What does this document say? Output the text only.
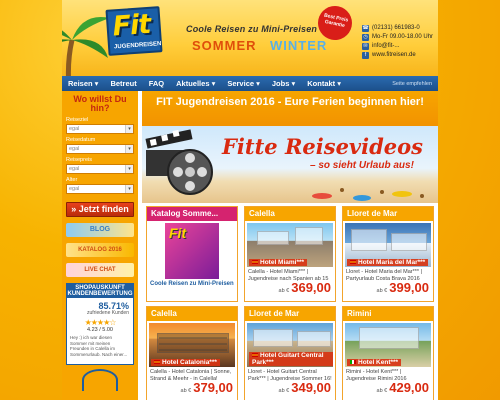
Fit
JUGENDREISEN
Coole Reisen zu Mini-Preisen
SOMMER WINTER
Best Preis Garantie	☎ (02131) 661983-0
◷ Mo-Fr 09.00-18.00 Uhr
✉ info@fit-...
f www.fitreisen.de
Reisen ▾ Betreut FAQ Aktuelles ▾ Service ▾ Jobs ▾ Kontakt ▾	Seite empfehlen
Wo willst Du hin?
Reiseziel
egal	▾
Reisedatum
egal	▾
Reisepreis
egal	▾
Alter
egal	▾
» Jetzt finden
BLOG
KATALOG 2016
LIVE CHAT
SHOPAUSKUNFT KUNDENBEWERTUNG
85.71%
zufriedene Kunden
★★★★☆
4.23 / 5.00
Hey :) ich war diesen Sommer mit meinen Freunden in Calella im Sommerurlaub. Nach einer...
FIT Jugendreisen 2016 - Eure Ferien beginnen hier!
Fitte Reisevideos
– so sieht Urlaub aus!
Katalog Somme...
Fit
Coole Reisen zu Mini-Preisen
Calella
Hotel Miami***
Calella - Hotel Miami*** | Jugendreise nach Spanien ab 15
ab € 369,00
Lloret de Mar
Hotel Maria del Mar***
Lloret - Hotel Maria del Mar*** | Partyurlaub Costa Brava 2016
ab € 399,00
Calella
Hotel Catalonia***
Calella - Hotel Catalonia | Sonne, Strand & Meehr - in Calella!
ab € 379,00
Lloret de Mar
Hotel Guitart Central Park***
Lloret - Hotel Guitart Central Park*** | Jugendreise Sommer 16!
ab € 349,00
Rimini
Hotel Kent***
Rimini - Hotel Kent*** | Jugendreise Rimini 2016
ab € 429,00
